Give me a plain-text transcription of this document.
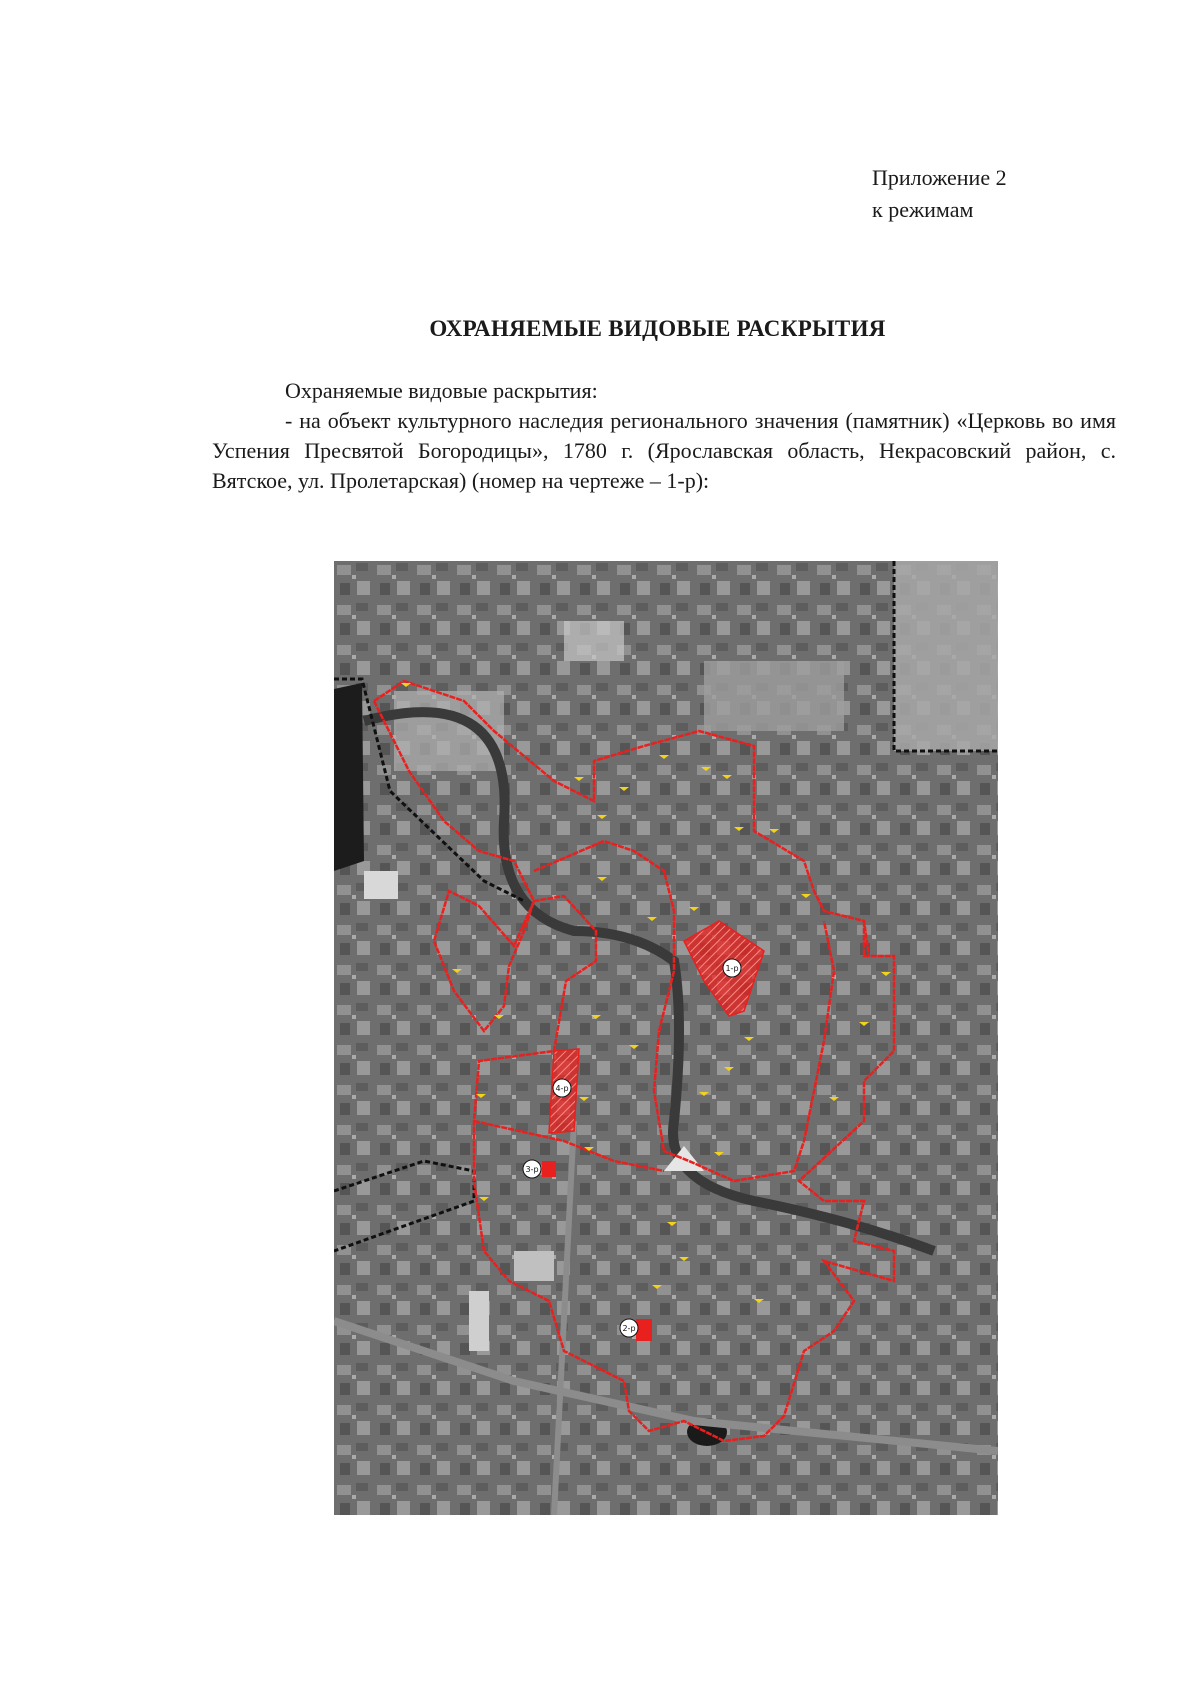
Приложение 2
к режимам
ОХРАНЯЕМЫЕ ВИДОВЫЕ РАСКРЫТИЯ

Охраняемые видовые раскрытия:

- на объект культурного наследия регионального значения (памятник) «Церковь во имя Успения Пресвятой Богородицы», 1780 г. (Ярославская область, Некрасовский район, с. Вятское, ул. Пролетарская) (номер на чертеже – 1-р):

1-р
2-р
3-р
4-р
